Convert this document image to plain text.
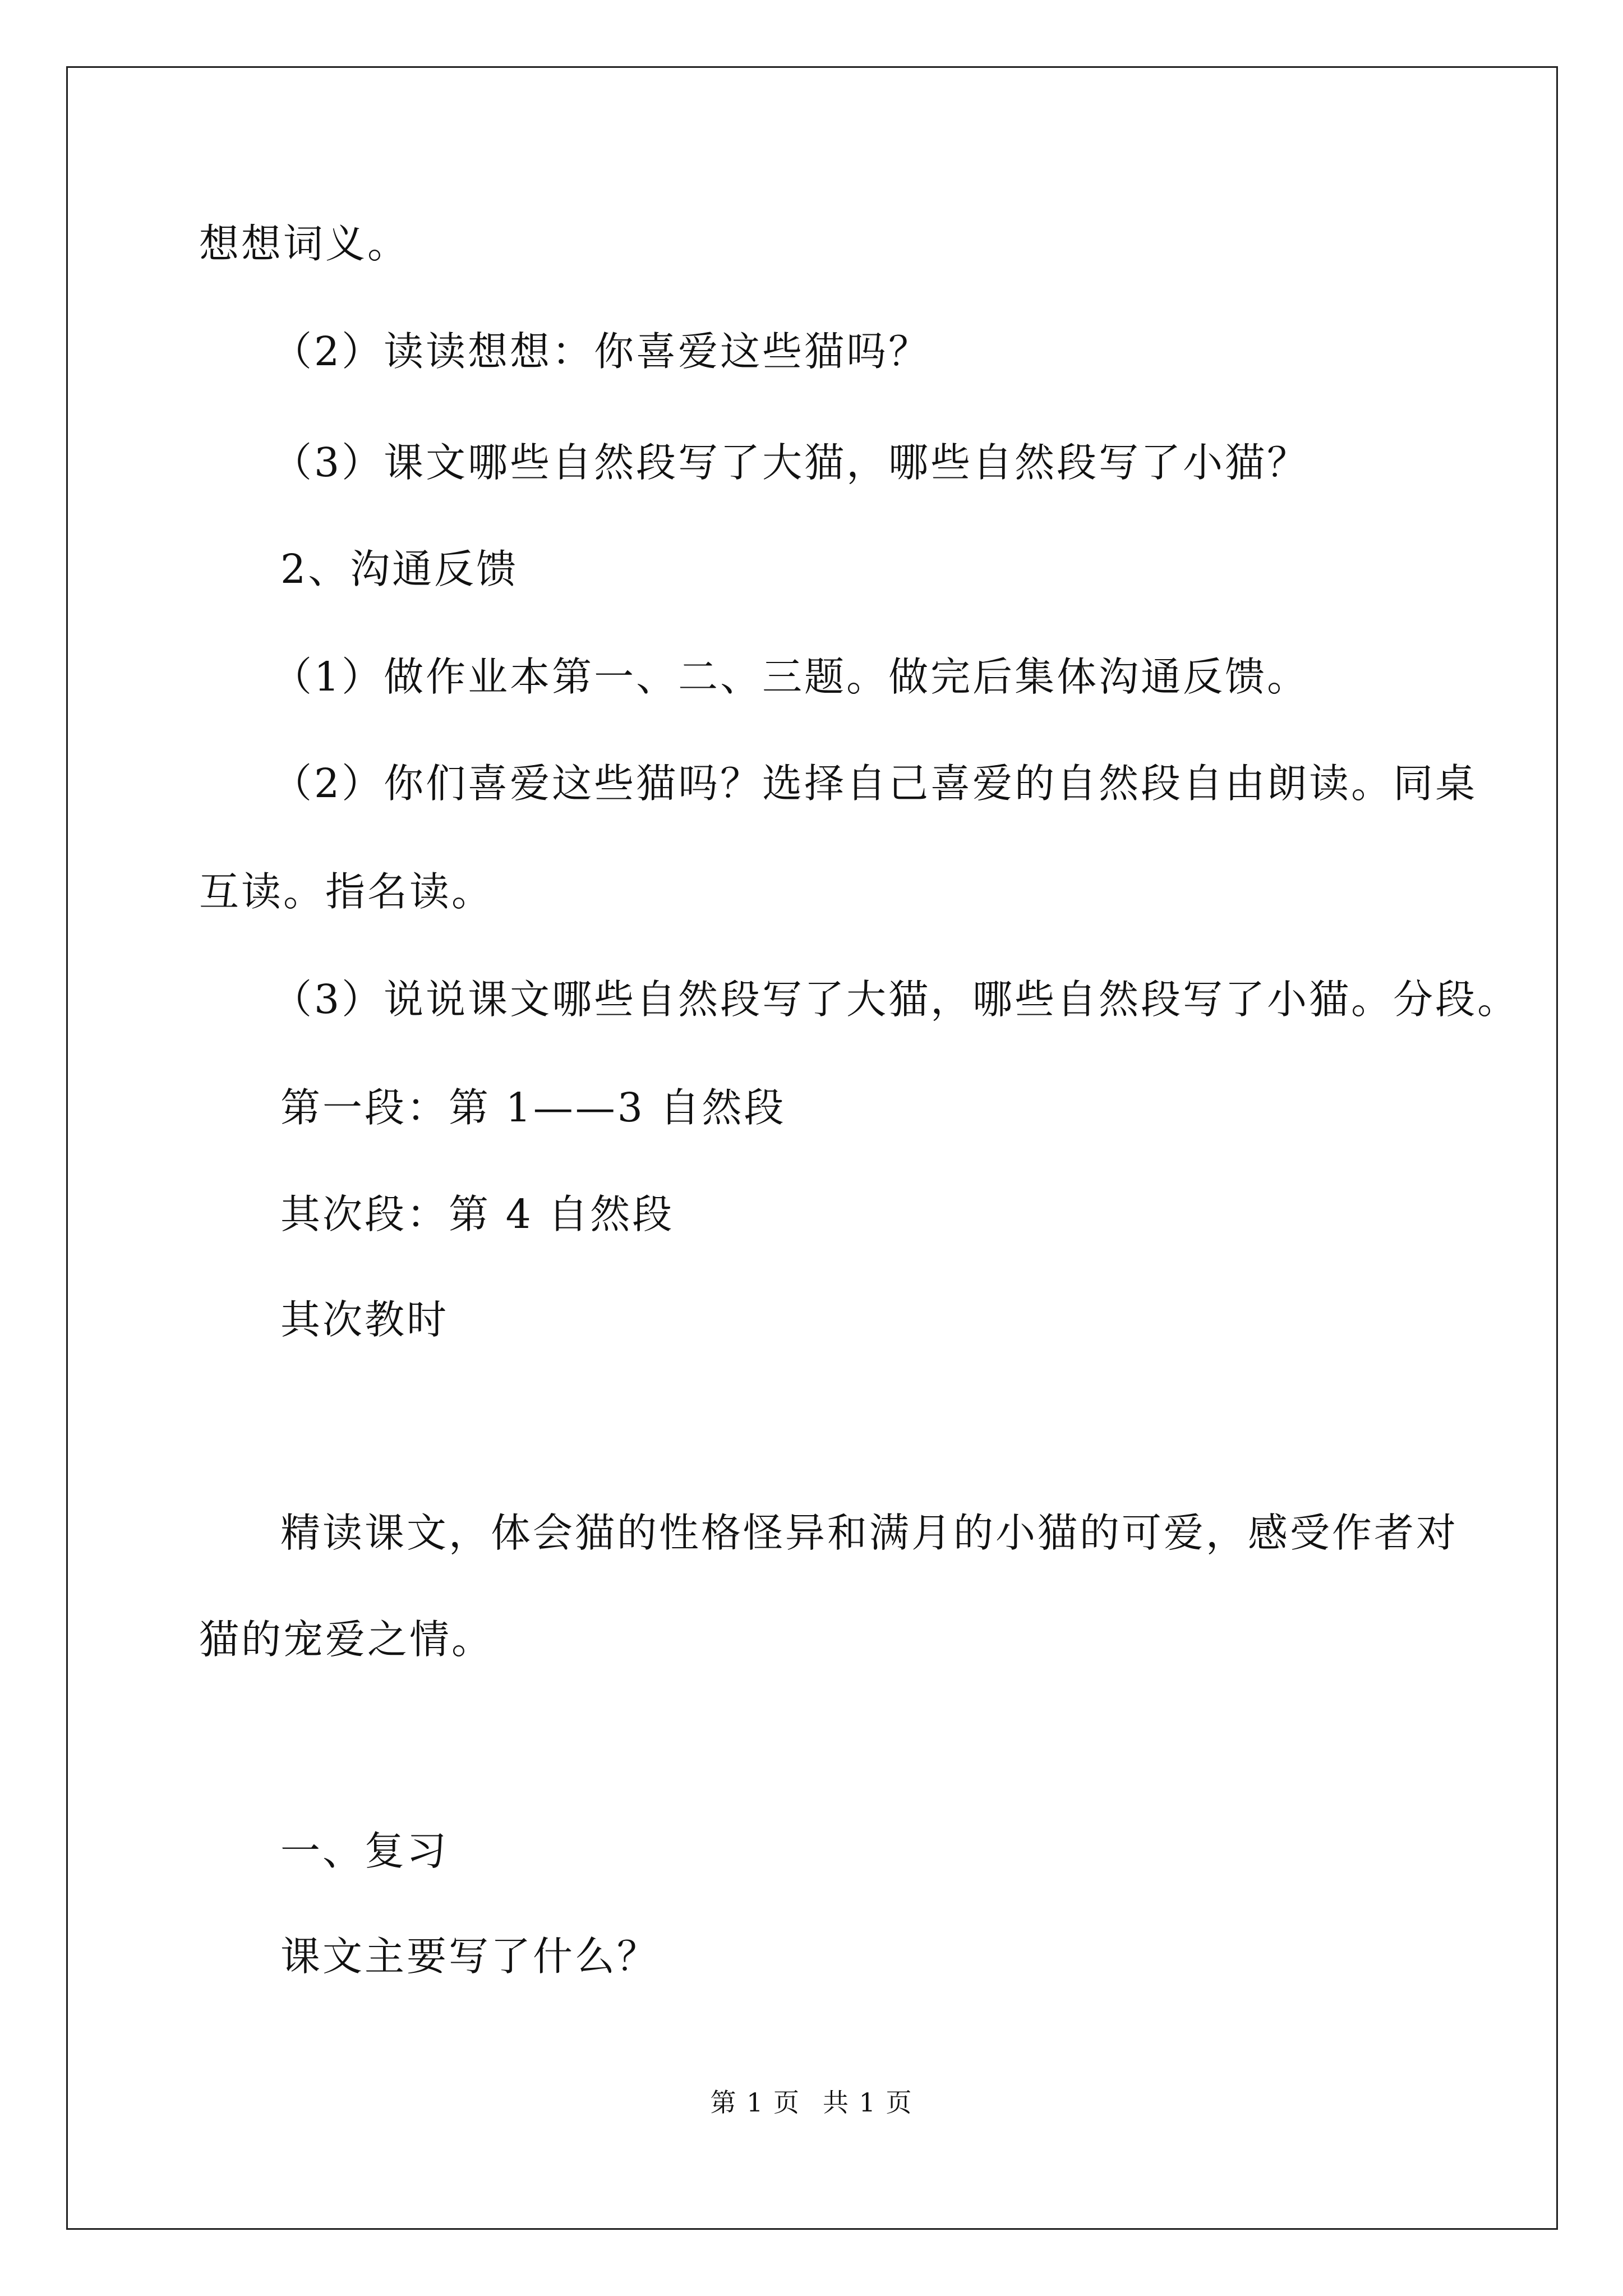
想想词义。
（2）读读想想：你喜爱这些猫吗？
（3）课文哪些自然段写了大猫，哪些自然段写了小猫？
2、沟通反馈
（1）做作业本第一、二、三题。做完后集体沟通反馈。
（2）你们喜爱这些猫吗？选择自己喜爱的自然段自由朗读。同桌
互读。指名读。
（3）说说课文哪些自然段写了大猫，哪些自然段写了小猫。分段。
第一段：第 1——3 自然段
其次段：第 4 自然段
其次教时
精读课文，体会猫的性格怪异和满月的小猫的可爱，感受作者对
猫的宠爱之情。
一、复习
课文主要写了什么？
第 1 页 共 1 页
